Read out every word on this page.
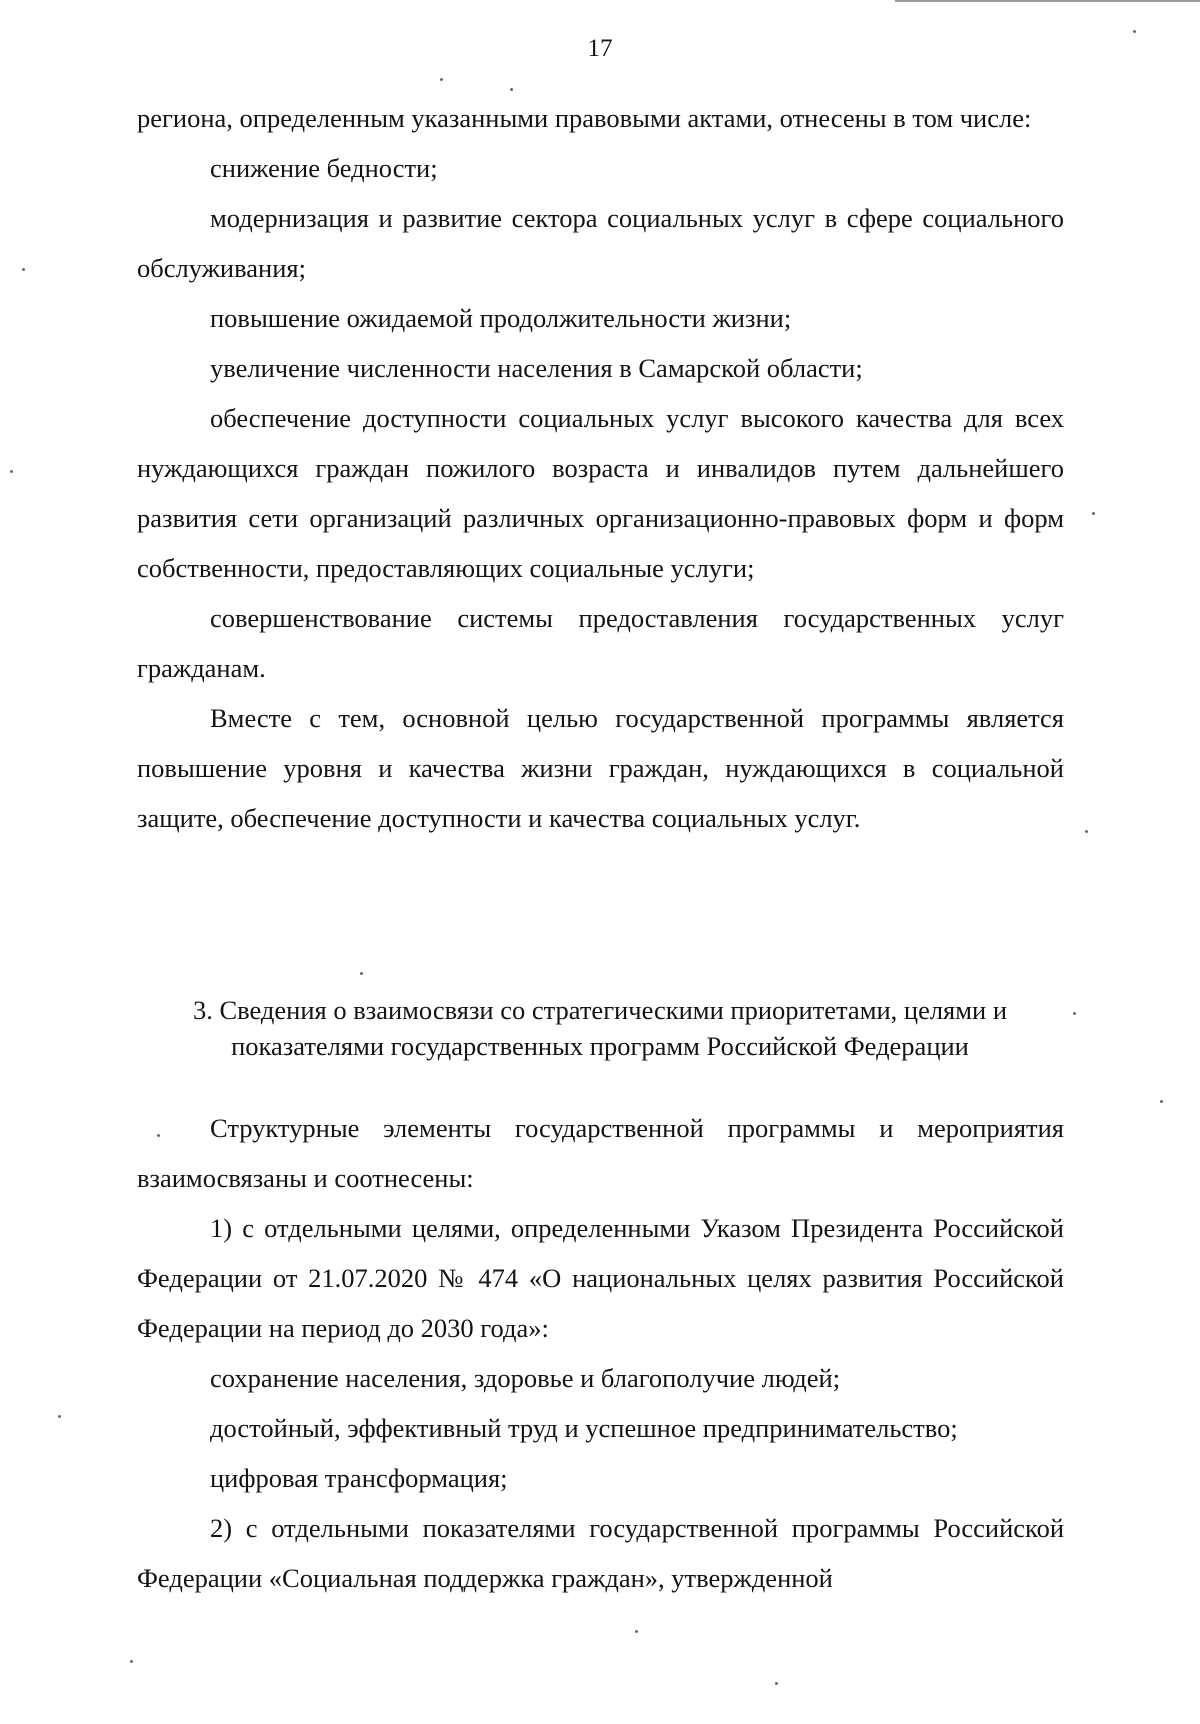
17

региона, определенным указанными правовыми актами, отнесены в том числе:

снижение бедности;

модернизация и развитие сектора социальных услуг в сфере социального обслуживания;

повышение ожидаемой продолжительности жизни;

увеличение численности населения в Самарской области;

обеспечение доступности социальных услуг высокого качества для всех нуждающихся граждан пожилого возраста и инвалидов путем дальнейшего развития сети организаций различных организационно-правовых форм и форм собственности, предоставляющих социальные услуги;

совершенствование системы предоставления государственных услуг гражданам.

Вместе с тем, основной целью государственной программы является повышение уровня и качества жизни граждан, нуждающихся в социальной защите, обеспечение доступности и качества социальных услуг.

3. Сведения о взаимосвязи со стратегическими приоритетами, целями и
показателями государственных программ Российской Федерации

Структурные элементы государственной программы и мероприятия взаимосвязаны и соотнесены:

1) с отдельными целями, определенными Указом Президента Российской Федерации от 21.07.2020 № 474 «О национальных целях развития Российской Федерации на период до 2030 года»:

сохранение населения, здоровье и благополучие людей;

достойный, эффективный труд и успешное предпринимательство;

цифровая трансформация;

2) с отдельными показателями государственной программы Российской Федерации «Социальная поддержка граждан», утвержденной
